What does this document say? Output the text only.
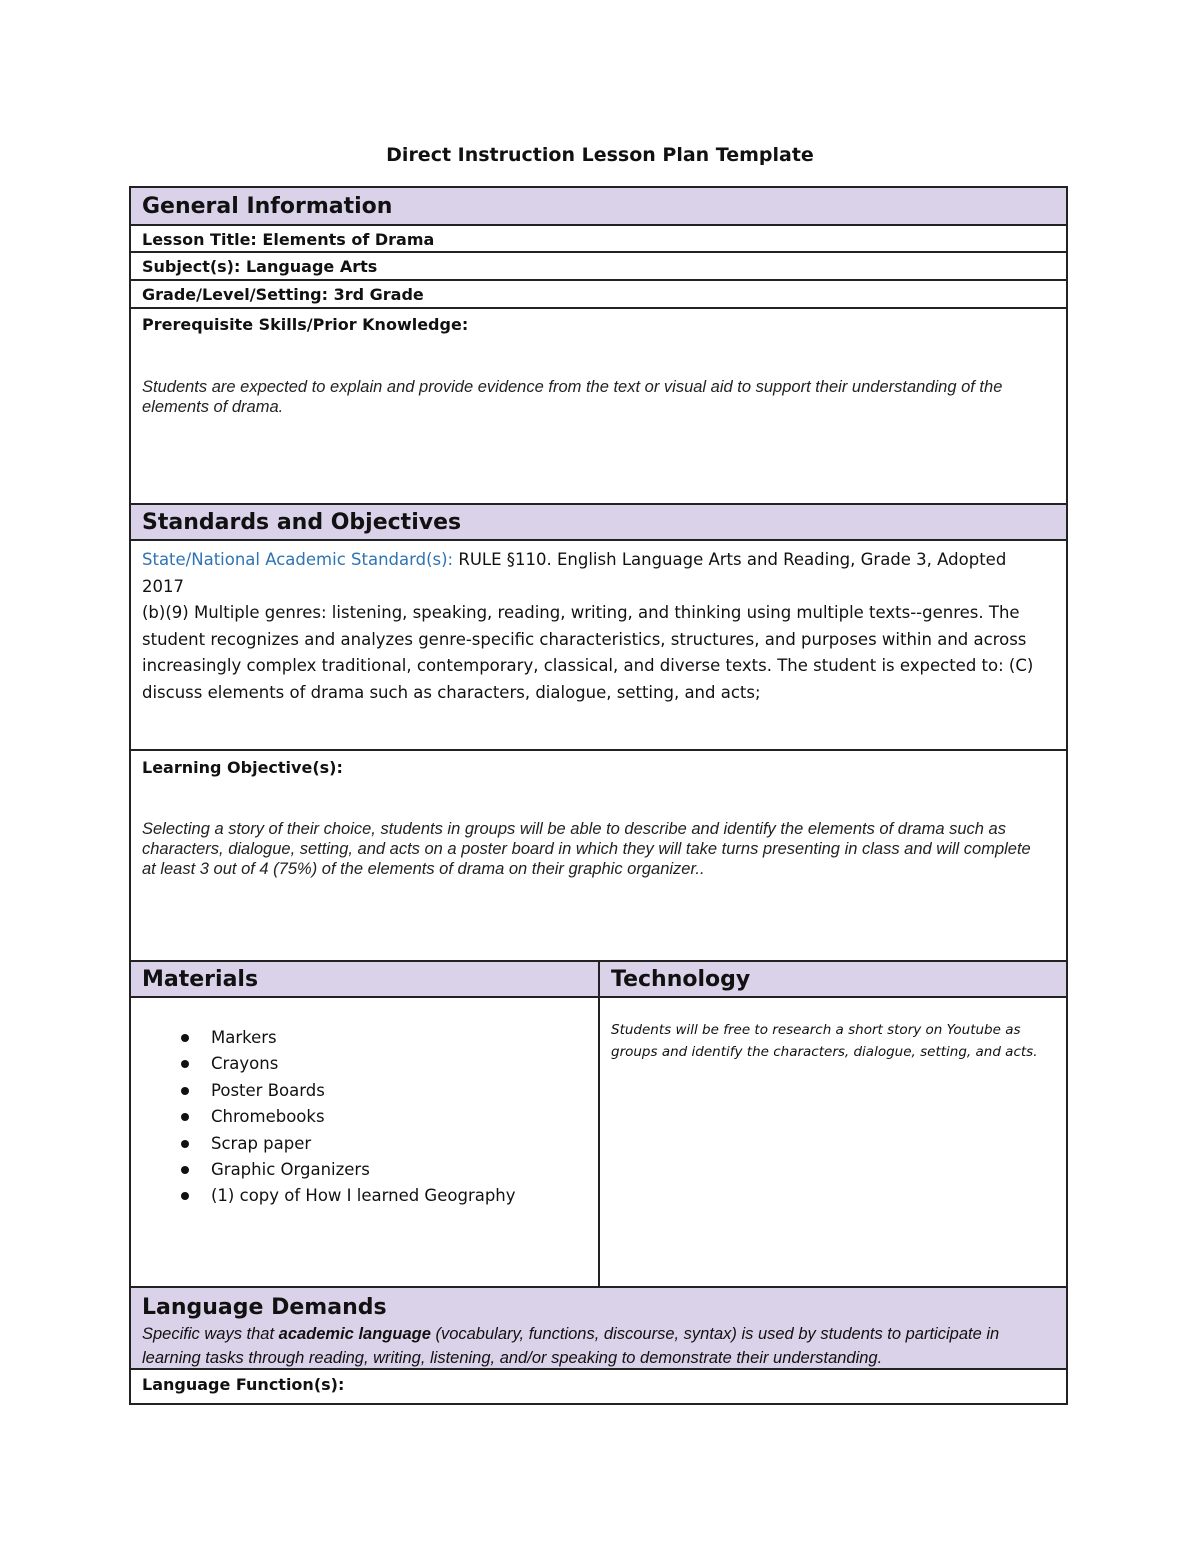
Direct Instruction Lesson Plan Template
General Information
Lesson Title: Elements of Drama
Subject(s): Language Arts
Grade/Level/Setting: 3rd Grade
Prerequisite Skills/Prior Knowledge:
Students are expected to explain and provide evidence from the text or visual aid to support their understanding of the elements of drama.
Standards and Objectives
State/National Academic Standard(s): RULE §110. English Language Arts and Reading, Grade 3, Adopted 2017
(b)(9) Multiple genres: listening, speaking, reading, writing, and thinking using multiple texts--genres. The student recognizes and analyzes genre-specific characteristics, structures, and purposes within and across increasingly complex traditional, contemporary, classical, and diverse texts. The student is expected to: (C) discuss elements of drama such as characters, dialogue, setting, and acts;
Learning Objective(s):
Selecting a story of their choice, students in groups will be able to describe and identify the elements of drama such as characters, dialogue, setting, and acts on a poster board in which they will take turns presenting in class and will complete at least 3 out of 4 (75%) of the elements of drama on their graphic organizer..
Materials	Technology
Students will be free to research a short story on Youtube as groups and identify the characters, dialogue, setting, and acts.
Language Demands
Specific ways that academic language (vocabulary, functions, discourse, syntax) is used by students to participate in learning tasks through reading, writing, listening, and/or speaking to demonstrate their understanding.
Language Function(s):
Markers
Crayons
Poster Boards
Chromebooks
Scrap paper
Graphic Organizers
(1) copy of How I learned Geography
